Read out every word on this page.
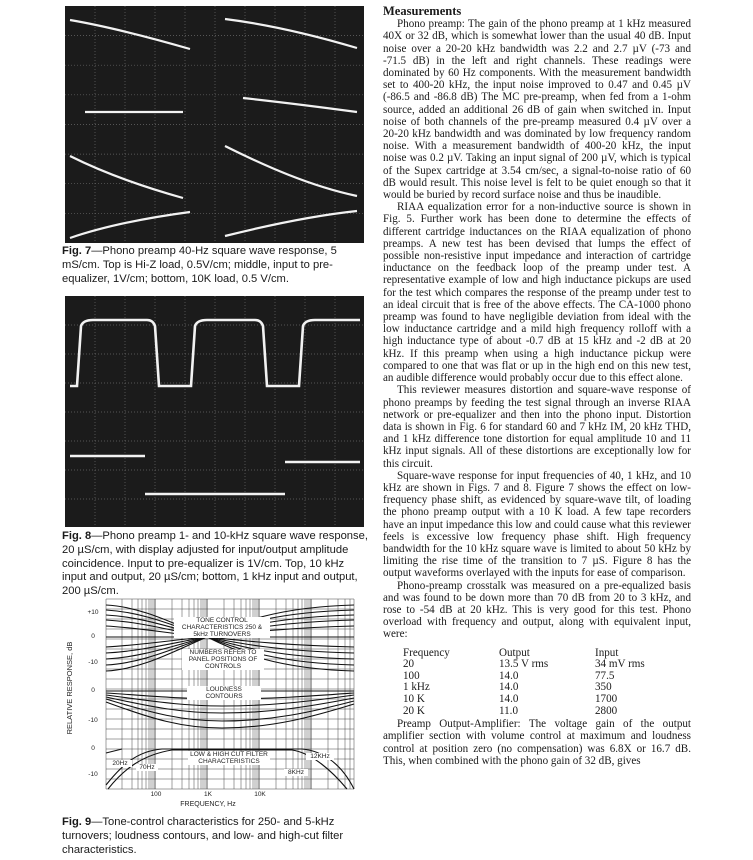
Fig. 7—Phono preamp 40-Hz square wave response, 5 mS/cm. Top is Hi-Z load, 0.5V/cm; middle, input to pre-equalizer, 1V/cm; bottom, 10K load, 0.5 V/cm.
Fig. 8—Phono preamp 1- and 10-kHz square wave response, 20 µS/cm, with display adjusted for input/output amplitude coincidence. Input to pre-equalizer is 1V/cm. Top, 10 kHz input and output, 20 µS/cm; bottom, 1 kHz input and output, 200 µS/cm.
TONE CONTROL CHARACTERISTICS 250 & 5kHz TURNOVERS
NUMBERS REFER TO PANEL POSITIONS OF CONTROLS
LOUDNESS CONTOURS
LOW & HIGH CUT FILTER CHARACTERISTICS
20Hz
70Hz
12KHz
8KHz
+10
0
-10
0
-10
0
-10
RELATIVE RESPONSE, dB
100	1K	10K
FREQUENCY, Hz
Fig. 9—Tone-control characteristics for 250- and 5-kHz turnovers; loudness contours, and low- and high-cut filter characteristics.
Measurements

Phono preamp: The gain of the phono preamp at 1 kHz measured 40X or 32 dB, which is somewhat lower than the usual 40 dB. Input noise over a 20-20 kHz bandwidth was 2.2 and 2.7 µV (-73 and -71.5 dB) in the left and right channels. These readings were dominated by 60 Hz components. With the measurement bandwidth set to 400-20 kHz, the input noise improved to 0.47 and 0.45 µV (-86.5 and -86.8 dB) The MC pre-preamp, when fed from a 1-ohm source, added an additional 26 dB of gain when switched in. Input noise of both channels of the pre-preamp measured 0.4 µV over a 20-20 kHz bandwidth and was dominated by low frequency random noise. With a measurement bandwidth of 400-20 kHz, the input noise was 0.2 µV. Taking an input signal of 200 µV, which is typical of the Supex cartridge at 3.54 cm/sec, a signal-to-noise ratio of 60 dB would result. This noise level is felt to be quiet enough so that it would be buried by record surface noise and thus be inaudible.

RIAA equalization error for a non-inductive source is shown in Fig. 5. Further work has been done to determine the effects of different cartridge inductances on the RIAA equalization of phono preamps. A new test has been devised that lumps the effect of possible non-resistive input impedance and interaction of cartridge inductance on the feedback loop of the preamp under test. A representative example of low and high inductance pickups are used for the test which compares the response of the preamp under test to an ideal circuit that is free of the above effects. The CA-1000 phono preamp was found to have negligible deviation from ideal with the low inductance cartridge and a mild high frequency rolloff with a high inductance type of about -0.7 dB at 15 kHz and -2 dB at 20 kHz. If this preamp when using a high inductance pickup were compared to one that was flat or up in the high end on this new test, an audible difference would probably occur due to this effect alone.

This reviewer measures distortion and square-wave response of phono preamps by feeding the test signal through an inverse RIAA network or pre-equalizer and then into the phono input. Distortion data is shown in Fig. 6 for standard 60 and 7 kHz IM, 20 kHz THD, and 1 kHz difference tone distortion for equal amplitude 10 and 11 kHz input signals. All of these distortions are exceptionally low for this circuit.

Square-wave response for input frequencies of 40, 1 kHz, and 10 kHz are shown in Figs. 7 and 8. Figure 7 shows the effect on low-frequency phase shift, as evidenced by square-wave tilt, of loading the phono preamp output with a 10 K load. A few tape recorders have an input impedance this low and could cause what this reviewer feels is excessive low frequency phase shift. High frequency bandwidth for the 10 kHz square wave is limited to about 50 kHz by limiting the rise time of the transition to 7 µS. Figure 8 has the output waveforms overlayed with the inputs for ease of comparison.

Phono-preamp crosstalk was measured on a pre-equalized basis and was found to be down more than 70 dB from 20 to 3 kHz, and rose to -54 dB at 20 kHz. This is very good for this test. Phono overload with frequency and output, along with equivalent input, were:

Frequency	Output	Input
20	13.5 V rms	34 mV rms
100	14.0	77.5
1 kHz	14.0	350
10 K	14.0	1700
20 K	11.0	2800

Preamp Output-Amplifier: The voltage gain of the output amplifier section with volume control at maximum and loudness control at position zero (no compensation) was 6.8X or 16.7 dB. This, when combined with the phono gain of 32 dB, gives
